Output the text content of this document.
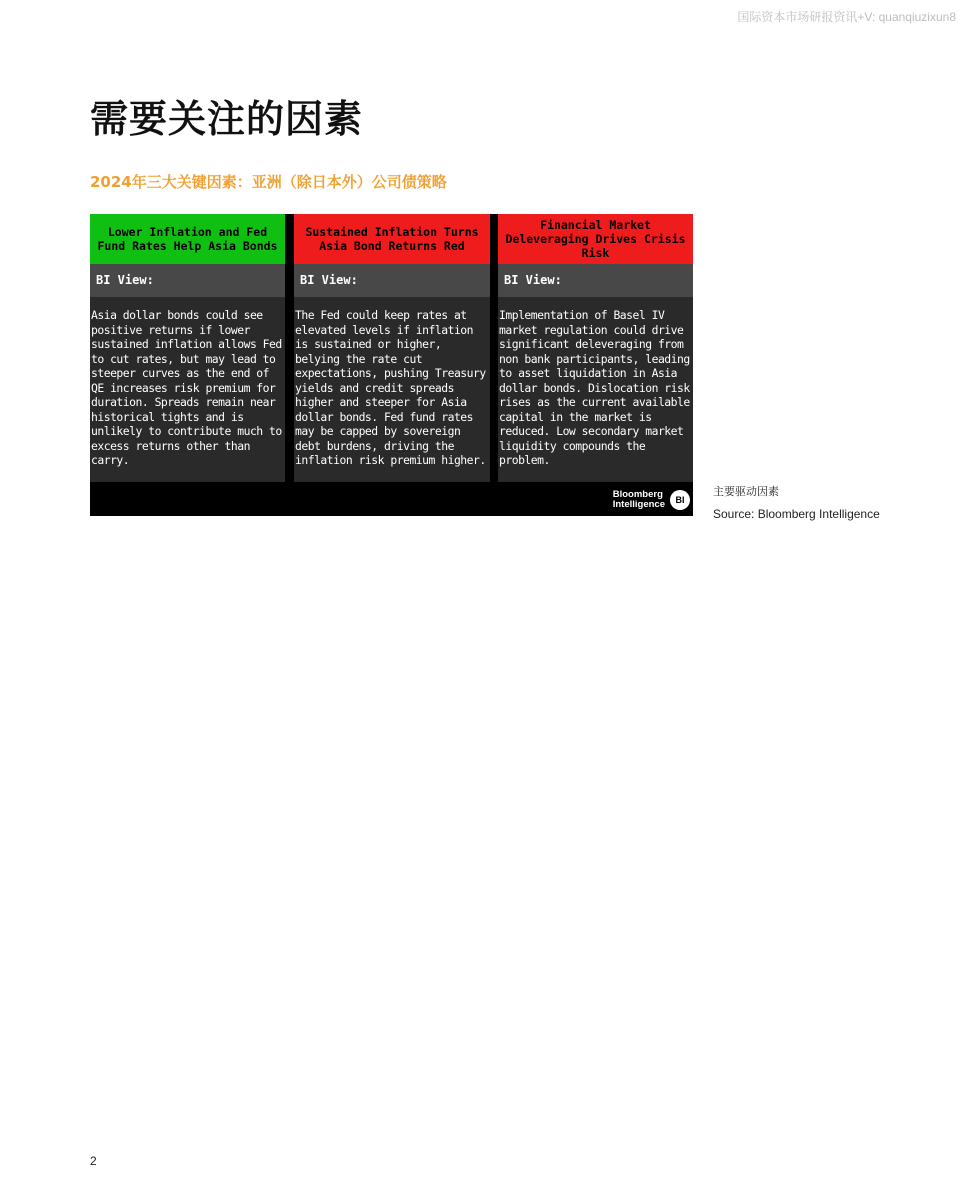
国际资本市场研报资讯+V: quanqiuzixun8
需要关注的因素
2024年三大关键因素：亚洲（除日本外）公司债策略
Lower Inflation and Fed Fund Rates Help Asia Bonds
BI View:
Asia dollar bonds could see positive returns if lower sustained inflation allows Fed to cut rates, but may lead to steeper curves as the end of QE increases risk premium for duration. Spreads remain near historical tights and is unlikely to contribute much to excess returns other than carry.
Sustained Inflation Turns Asia Bond Returns Red
BI View:
The Fed could keep rates at elevated levels if inflation is sustained or higher, belying the rate cut expectations, pushing Treasury yields and credit spreads higher and steeper for Asia dollar bonds. Fed fund rates may be capped by sovereign debt burdens, driving the inflation risk premium higher.
Financial Market Deleveraging Drives Crisis Risk
BI View:
Implementation of Basel IV market regulation could drive significant deleveraging from non bank participants, leading to asset liquidation in Asia dollar bonds. Dislocation risk rises as the current available capital in the market is reduced. Low secondary market liquidity compounds the problem.
Bloomberg
Intelligence	BI
主要驱动因素
Source: Bloomberg Intelligence
2
